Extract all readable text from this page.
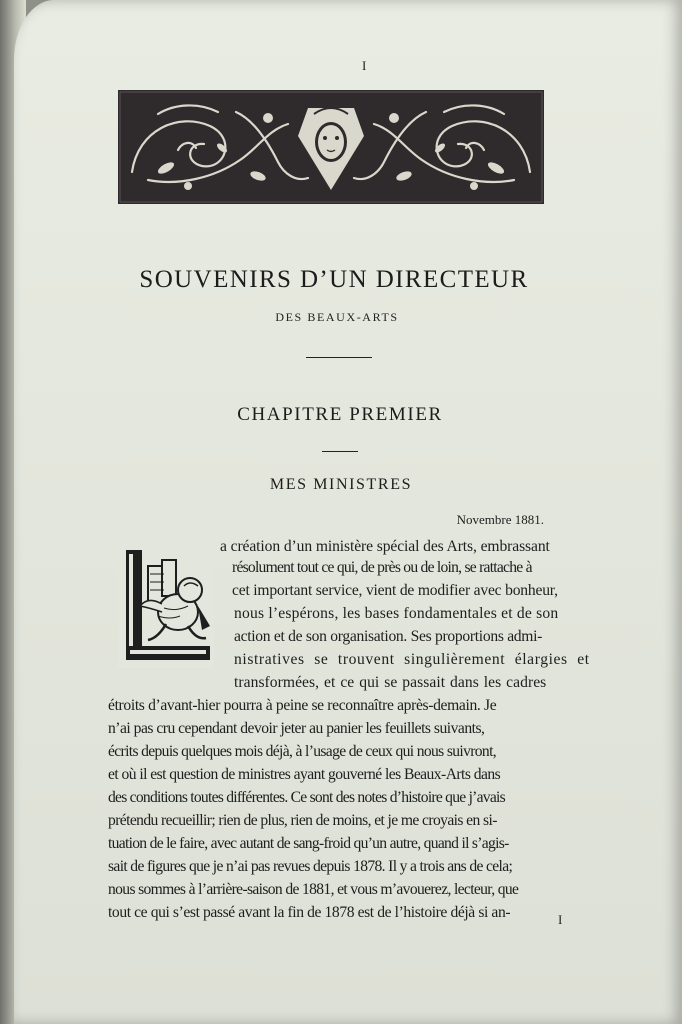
I
~~~~
SOUVENIRS D’UN DIRECTEUR
DES BEAUX-ARTS
CHAPITRE PREMIER
MES MINISTRES
Novembre 1881.
a création d’un ministère spécial des Arts, embrassant
résolument tout ce qui, de près ou de loin, se rattache à
cet important service, vient de modifier avec bonheur,
nous l’espérons, les bases fondamentales et de son
action et de son organisation. Ses proportions admi-
nistratives se trouvent singulièrement élargies et
transformées, et ce qui se passait dans les cadres
étroits d’avant-hier pourra à peine se reconnaître après-demain. Je
n’ai pas cru cependant devoir jeter au panier les feuillets suivants,
écrits depuis quelques mois déjà, à l’usage de ceux qui nous suivront,
et où il est question de ministres ayant gouverné les Beaux-Arts dans
des conditions toutes différentes. Ce sont des notes d’histoire que j’avais
prétendu recueillir; rien de plus, rien de moins, et je me croyais en si-
tuation de le faire, avec autant de sang-froid qu’un autre, quand il s’agis-
sait de figures que je n’ai pas revues depuis 1878. Il y a trois ans de cela;
nous sommes à l’arrière-saison de 1881, et vous m’avouerez, lecteur, que
tout ce qui s’est passé avant la fin de 1878 est de l’histoire déjà si an-	I
